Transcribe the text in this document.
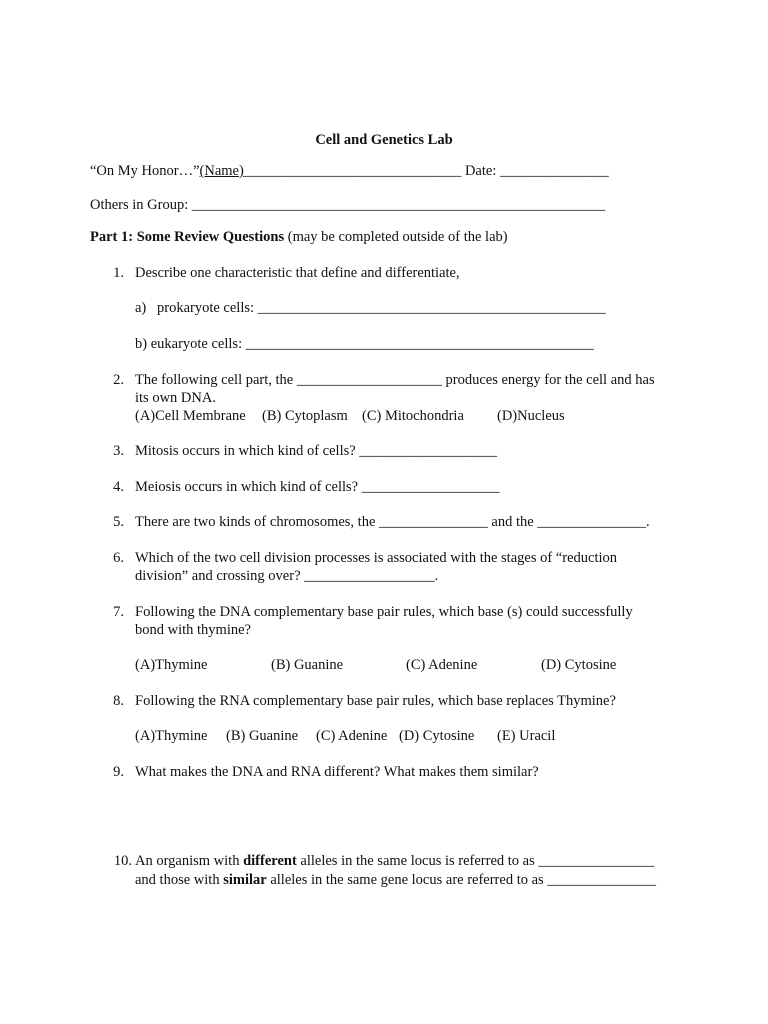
Cell and Genetics Lab
“On My Honor…”(Name)______________________________ Date: _______________
Others in Group: _________________________________________________________
Part 1: Some Review Questions (may be completed outside of the lab)
1. Describe one characteristic that define and differentiate,
a) prokaryote cells: ________________________________________________
b) eukaryote cells: ________________________________________________
2. The following cell part, the ____________________ produces energy for the cell and has
its own DNA.
(A)Cell Membrane (B) Cytoplasm (C) Mitochondria (D)Nucleus
3. Mitosis occurs in which kind of cells? ___________________
4. Meiosis occurs in which kind of cells? ___________________
5. There are two kinds of chromosomes, the _______________ and the _______________.
6. Which of the two cell division processes is associated with the stages of “reduction
division” and crossing over? __________________.
7. Following the DNA complementary base pair rules, which base (s) could successfully
bond with thymine?
(A)Thymine	(B) Guanine	(C) Adenine	(D) Cytosine
8. Following the RNA complementary base pair rules, which base replaces Thymine?
(A)Thymine (B) Guanine (C) Adenine (D) Cytosine (E) Uracil
9. What makes the DNA and RNA different? What makes them similar?
10. An organism with different alleles in the same locus is referred to as ________________
and those with similar alleles in the same gene locus are referred to as _______________
